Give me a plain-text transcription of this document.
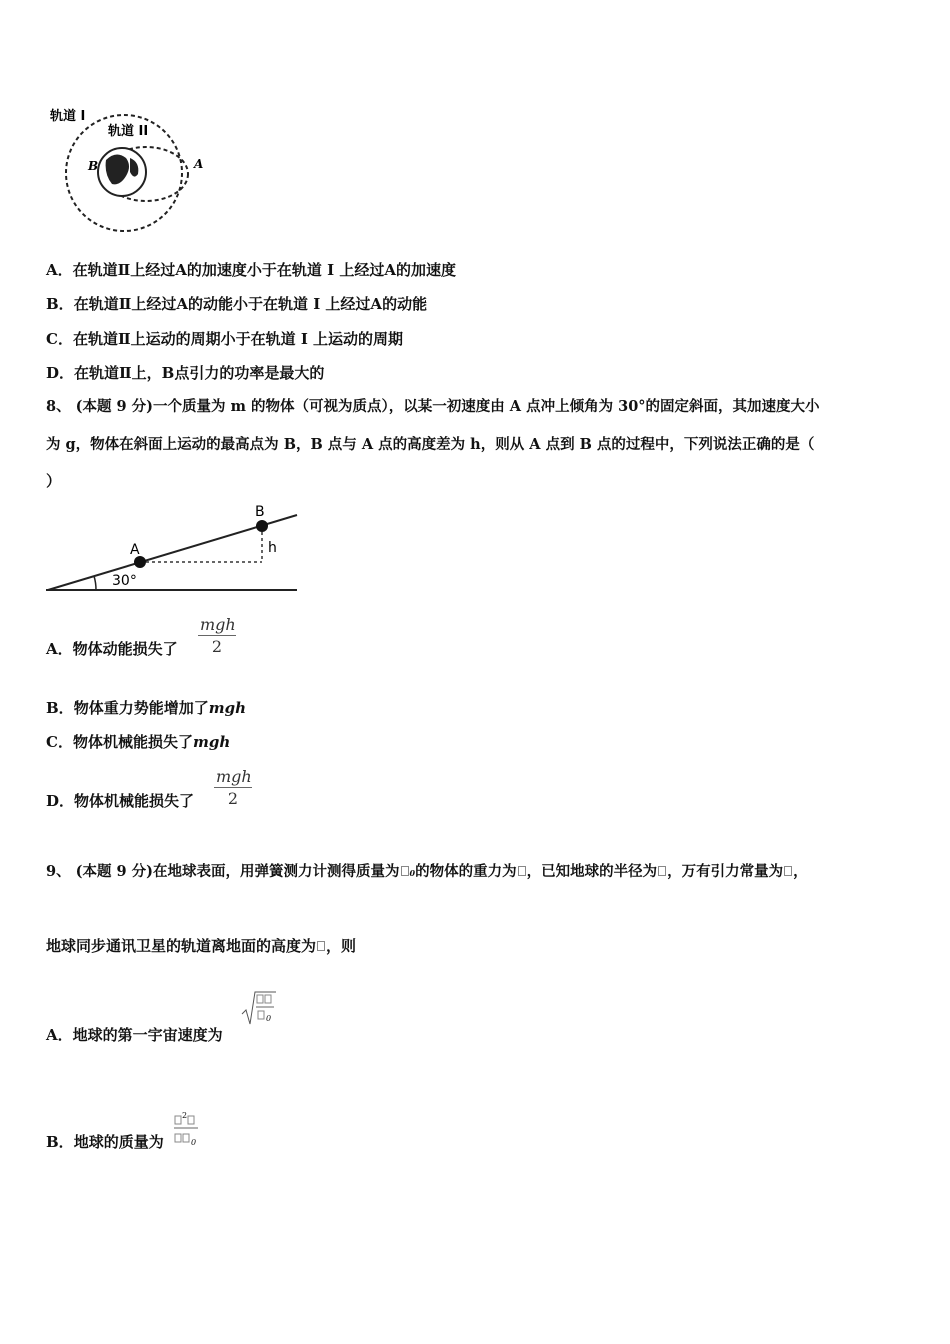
轨道 I
轨道 II
B	A
A．在轨道Ⅱ上经过A的加速度小于在轨道 I 上经过A的加速度
B．在轨道Ⅱ上经过A的动能小于在轨道 I 上经过A的动能
C．在轨道Ⅱ上运动的周期小于在轨道 I 上运动的周期
D．在轨道Ⅱ上，B点引力的功率是最大的
8、 (本题 9 分)一个质量为 m 的物体（可视为质点），以某一初速度由 A 点冲上倾角为 30°的固定斜面，其加速度大小
为 g，物体在斜面上运动的最高点为 B，B 点与 A 点的高度差为 h，则从 A 点到 B 点的过程中，下列说法正确的是（
）
A
B
h
30°
A．物体动能损失了
mgh
2
B．物体重力势能增加了mgh
C．物体机械能损失了mgh
D．物体机械能损失了
mgh
2
9、 (本题 9 分)在地球表面，用弹簧测力计测得质量为 0的物体的重力为 ，已知地球的半径为 ，万有引力常量为 ，
地球同步通讯卫星的轨道离地面的高度为 ，则
A．地球的第一宇宙速度为
0
B．地球的质量为
2
0
